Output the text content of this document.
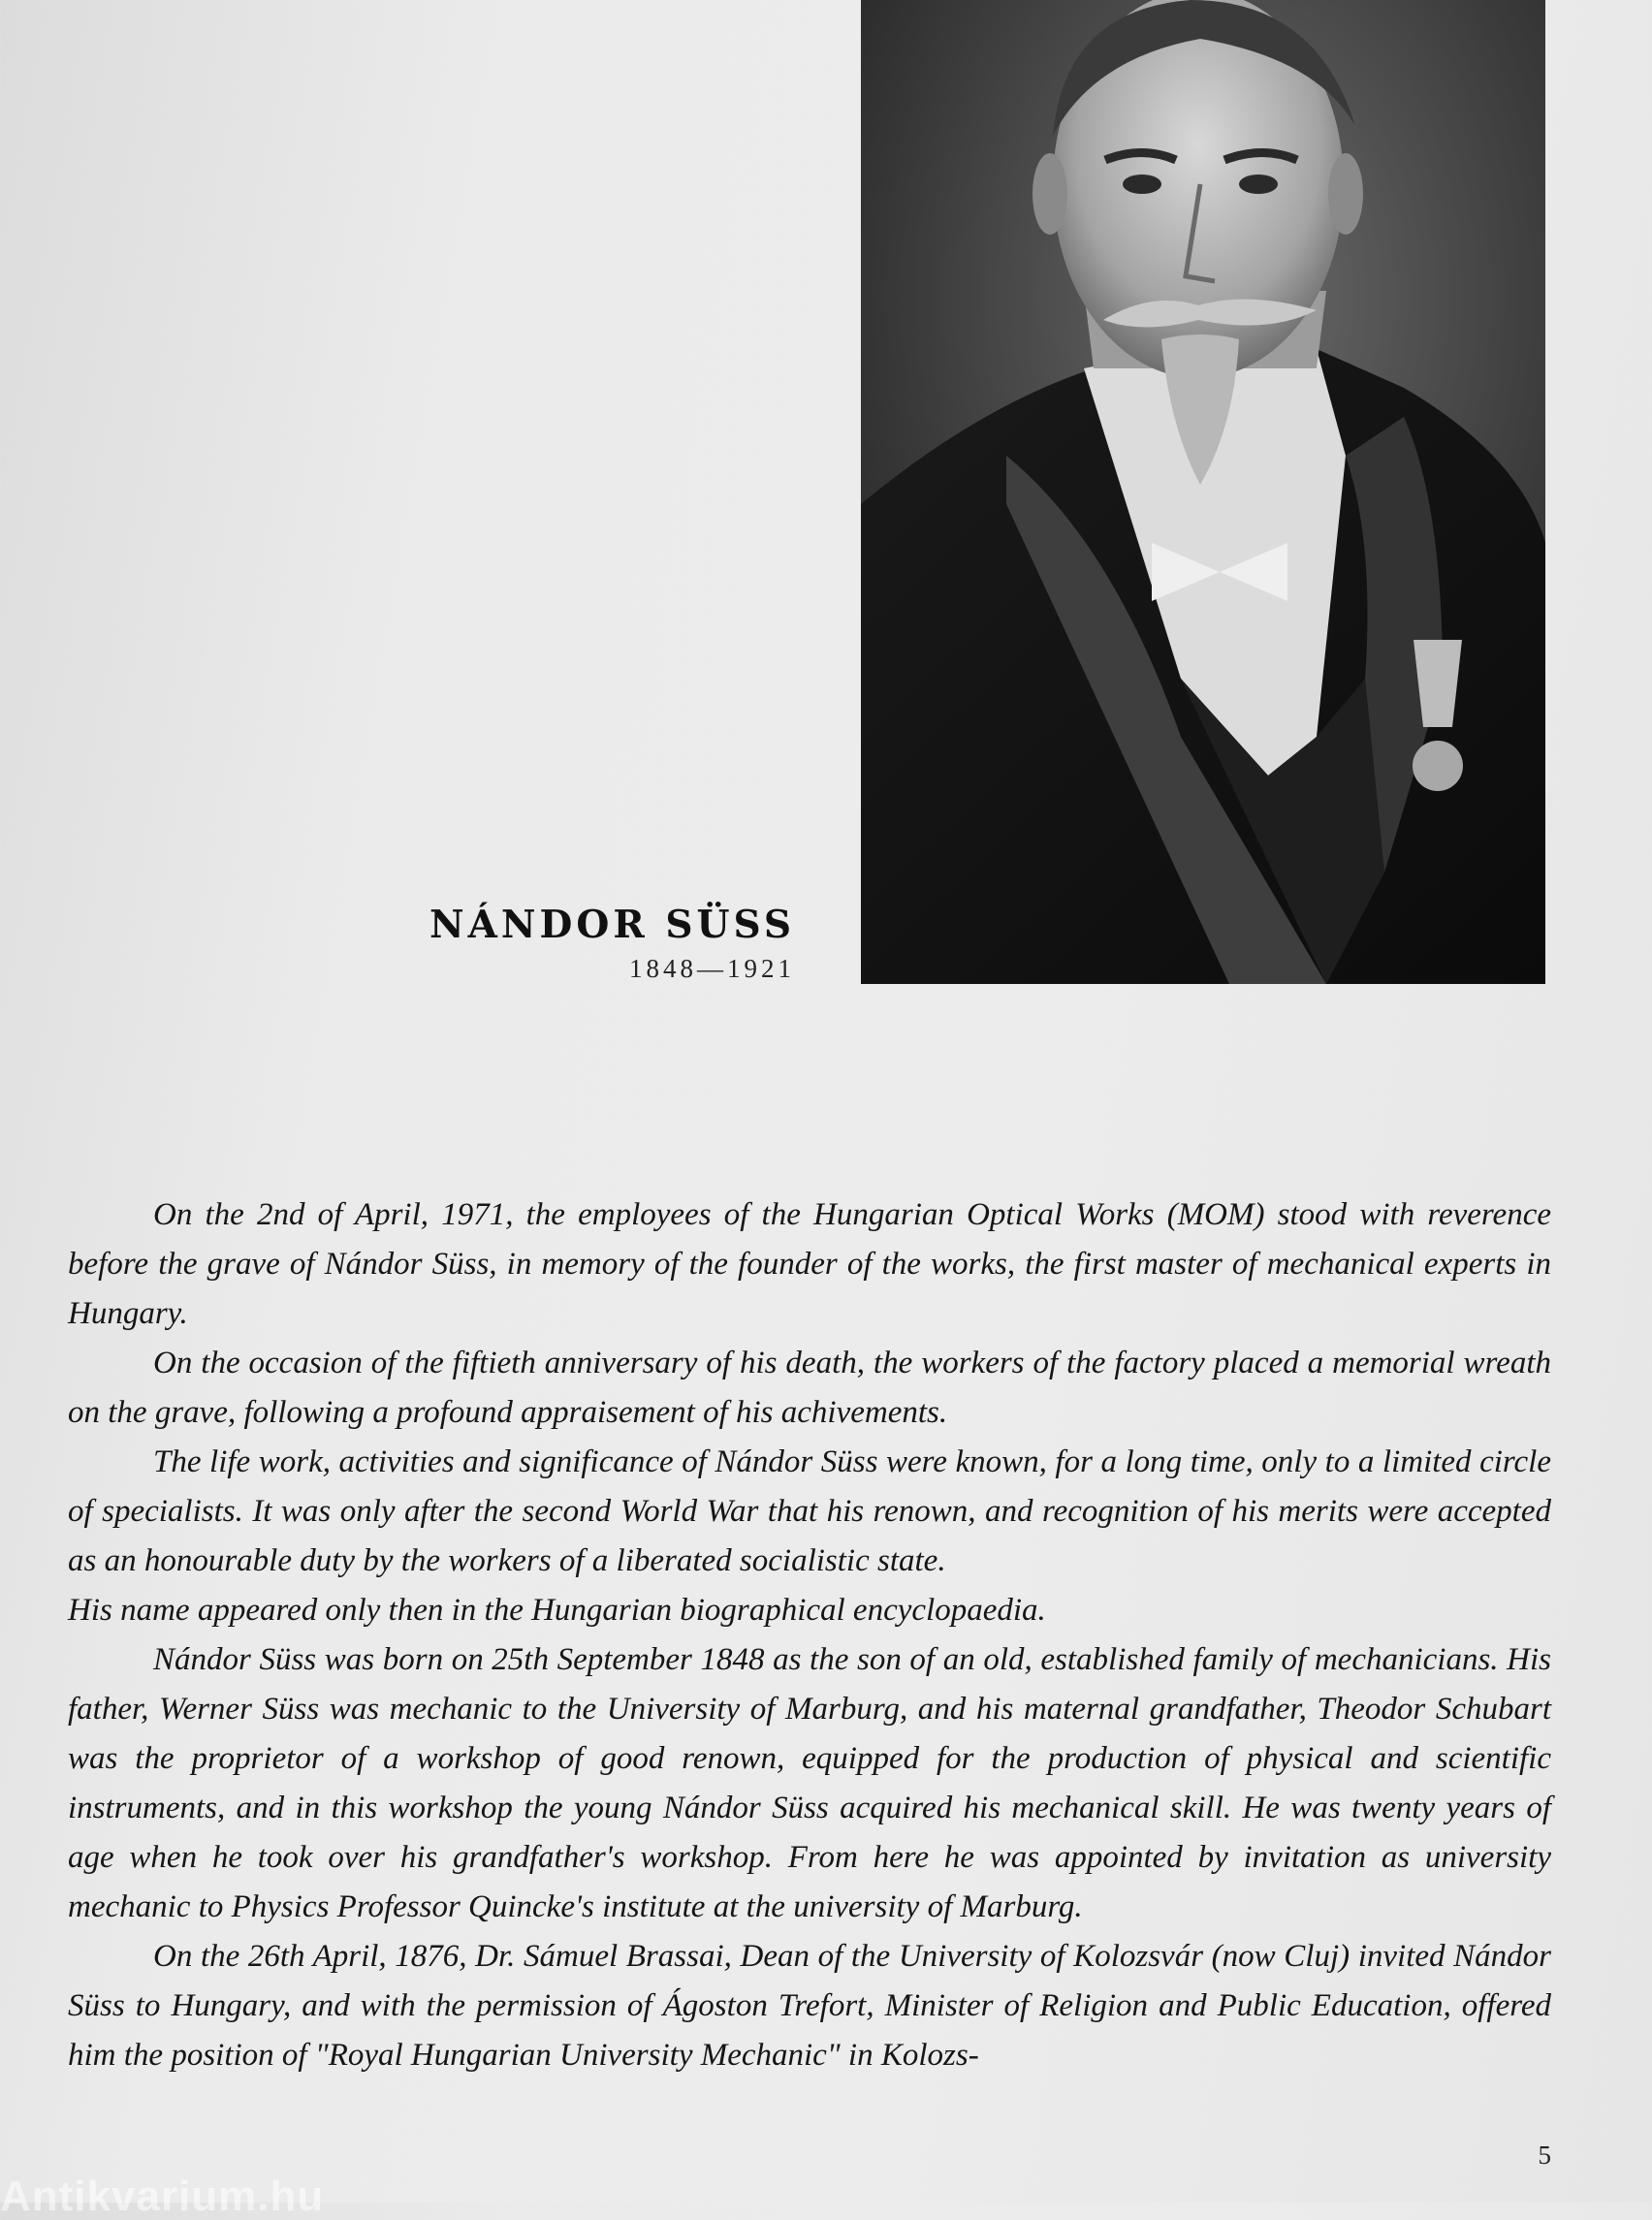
NÁNDOR SÜSS
1848—1921

On the 2nd of April, 1971, the employees of the Hungarian Optical Works (MOM) stood with reverence before the grave of Nándor Süss, in memory of the founder of the works, the first master of mechanical experts in Hungary.

On the occasion of the fiftieth anniversary of his death, the workers of the factory placed a memorial wreath on the grave, following a profound appraisement of his achivements.

The life work, activities and significance of Nándor Süss were known, for a long time, only to a limited circle of specialists. It was only after the second World War that his renown, and recognition of his merits were accepted as an honourable duty by the workers of a liberated socialistic state.

His name appeared only then in the Hungarian biographical encyclopaedia.

Nándor Süss was born on 25th September 1848 as the son of an old, established family of mechanicians. His father, Werner Süss was mechanic to the University of Marburg, and his maternal grandfather, Theodor Schubart was the proprietor of a workshop of good renown, equipped for the production of physical and scientific instruments, and in this workshop the young Nándor Süss acquired his mechanical skill. He was twenty years of age when he took over his grandfather's workshop. From here he was appointed by invitation as university mechanic to Physics Professor Quincke's institute at the university of Marburg.

On the 26th April, 1876, Dr. Sámuel Brassai, Dean of the University of Kolozsvár (now Cluj) invited Nándor Süss to Hungary, and with the permission of Ágoston Trefort, Minister of Religion and Public Education, offered him the position of "Royal Hungarian University Mechanic" in Kolozs-

5
Antikvarium.hu
